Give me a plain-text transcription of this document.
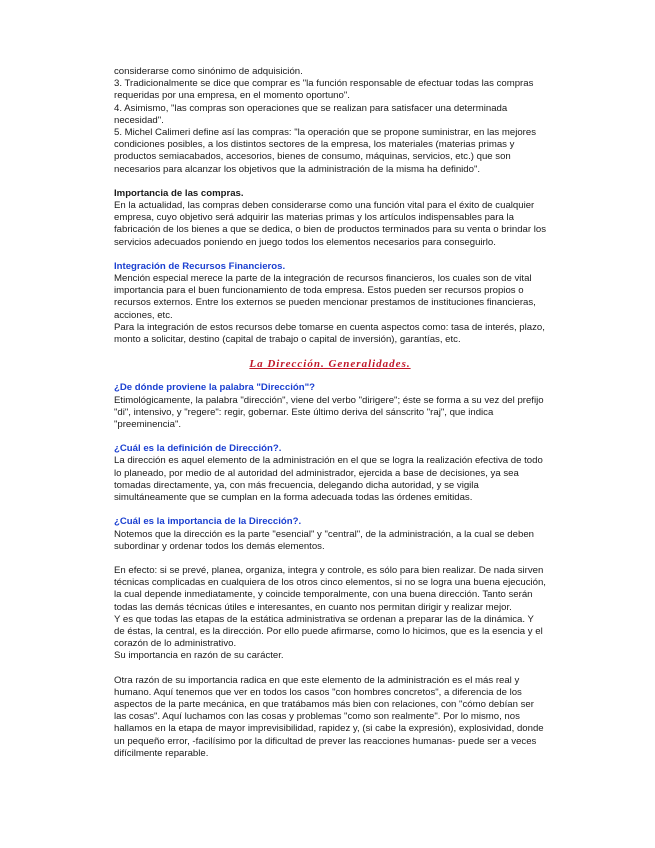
considerarse como sinónimo de adquisición.

3. Tradicionalmente se dice que comprar es "la función responsable de efectuar todas las compras requeridas por una empresa, en el momento oportuno".

4. Asimismo, "las compras son operaciones que se realizan para satisfacer una determinada necesidad".

5. Michel Calimeri define así las compras: "la operación que se propone suministrar, en las mejores condiciones posibles, a los distintos sectores de la empresa, los materiales (materias primas y productos semiacabados, accesorios, bienes de consumo, máquinas, servicios, etc.) que son necesarios para alcanzar los objetivos que la administración de la misma ha definido".

Importancia de las compras.

En la actualidad, las compras deben considerarse como una función vital para el éxito de cualquier empresa, cuyo objetivo será adquirir las materias primas y los artículos indispensables para la fabricación de los bienes a que se dedica, o bien de productos terminados para su venta o brindar los servicios adecuados poniendo en juego todos los elementos necesarios para conseguirlo.

Integración de Recursos Financieros.

Mención especial merece la parte de la integración de recursos financieros, los cuales son de vital importancia para el buen funcionamiento de toda empresa. Estos pueden ser recursos propios o recursos externos. Entre los externos se pueden mencionar prestamos de instituciones financieras, acciones, etc.

Para la integración de estos recursos debe tomarse en cuenta aspectos como: tasa de interés, plazo, monto a solicitar, destino (capital de trabajo o capital de inversión), garantías, etc.

La Dirección. Generalidades.

¿De dónde proviene la palabra "Dirección"?

Etimológicamente, la palabra "dirección", viene del verbo "dirigere"; éste se forma a su vez del prefijo "di", intensivo, y "regere": regir, gobernar. Este último deriva del sánscrito "raj", que indica "preeminencia".

¿Cuál es la definición de Dirección?.

La dirección es aquel elemento de la administración en el que se logra la realización efectiva de todo lo planeado, por medio de al autoridad del administrador, ejercida a base de decisiones, ya sea tomadas directamente, ya, con más frecuencia, delegando dicha autoridad, y se vigila simultáneamente que se cumplan en la forma adecuada todas las órdenes emitidas.

¿Cuál es la importancia de la Dirección?.

Notemos que la dirección es la parte "esencial" y "central", de la administración, a la cual se deben subordinar y ordenar todos los demás elementos.

En efecto: si se prevé, planea, organiza, integra y controle, es sólo para bien realizar. De nada sirven técnicas complicadas en cualquiera de los otros cinco elementos, si no se logra una buena ejecución, la cual depende inmediatamente, y coincide temporalmente, con una buena dirección. Tanto serán todas las demás técnicas útiles e interesantes, en cuanto nos permitan dirigir y realizar mejor.

Y es que todas las etapas de la estática administrativa se ordenan a preparar las de la dinámica. Y de éstas, la central, es la dirección. Por ello puede afirmarse, como lo hicimos, que es la esencia y el corazón de lo administrativo.

Su importancia en razón de su carácter.

Otra razón de su importancia radica en que este elemento de la administración es el más real y humano. Aquí tenemos que ver en todos los casos "con hombres concretos", a diferencia de los aspectos de la parte mecánica, en que tratábamos más bien con relaciones, con "cómo debían ser las cosas". Aquí luchamos con las cosas y problemas "como son realmente". Por lo mismo, nos hallamos en la etapa de mayor imprevisibilidad, rapidez y, (si cabe la expresión), explosividad, donde un pequeño error, -facilísimo por la dificultad de prever las reacciones humanas- puede ser a veces difícilmente reparable.
